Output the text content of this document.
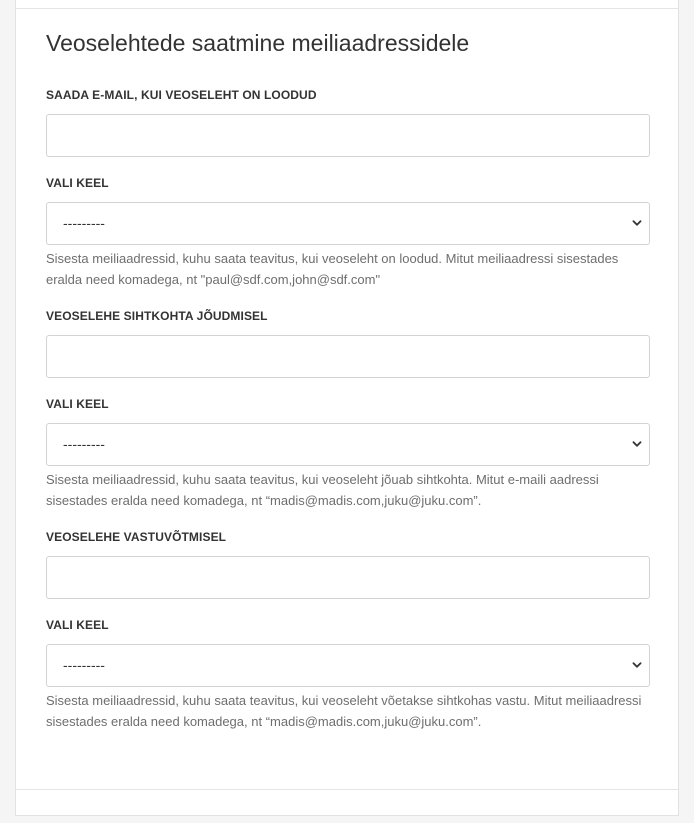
Veoselehtede saatmine meiliaadressidele
SAADA E-MAIL, KUI VEOSELEHT ON LOODUD
VALI KEEL
---------

Sisesta meiliaadressid, kuhu saata teavitus, kui veoseleht on loodud. Mitut meiliaadressi sisestades eralda need komadega, nt "paul@sdf.com,john@sdf.com"

VEOSELEHE SIHTKOHTA JÕUDMISEL
VALI KEEL
---------

Sisesta meiliaadressid, kuhu saata teavitus, kui veoseleht jõuab sihtkohta. Mitut e-maili aadressi sisestades eralda need komadega, nt “madis@madis.com,juku@juku.com”.

VEOSELEHE VASTUVÕTMISEL
VALI KEEL
---------

Sisesta meiliaadressid, kuhu saata teavitus, kui veoseleht võetakse sihtkohas vastu. Mitut meiliaadressi sisestades eralda need komadega, nt “madis@madis.com,juku@juku.com”.
